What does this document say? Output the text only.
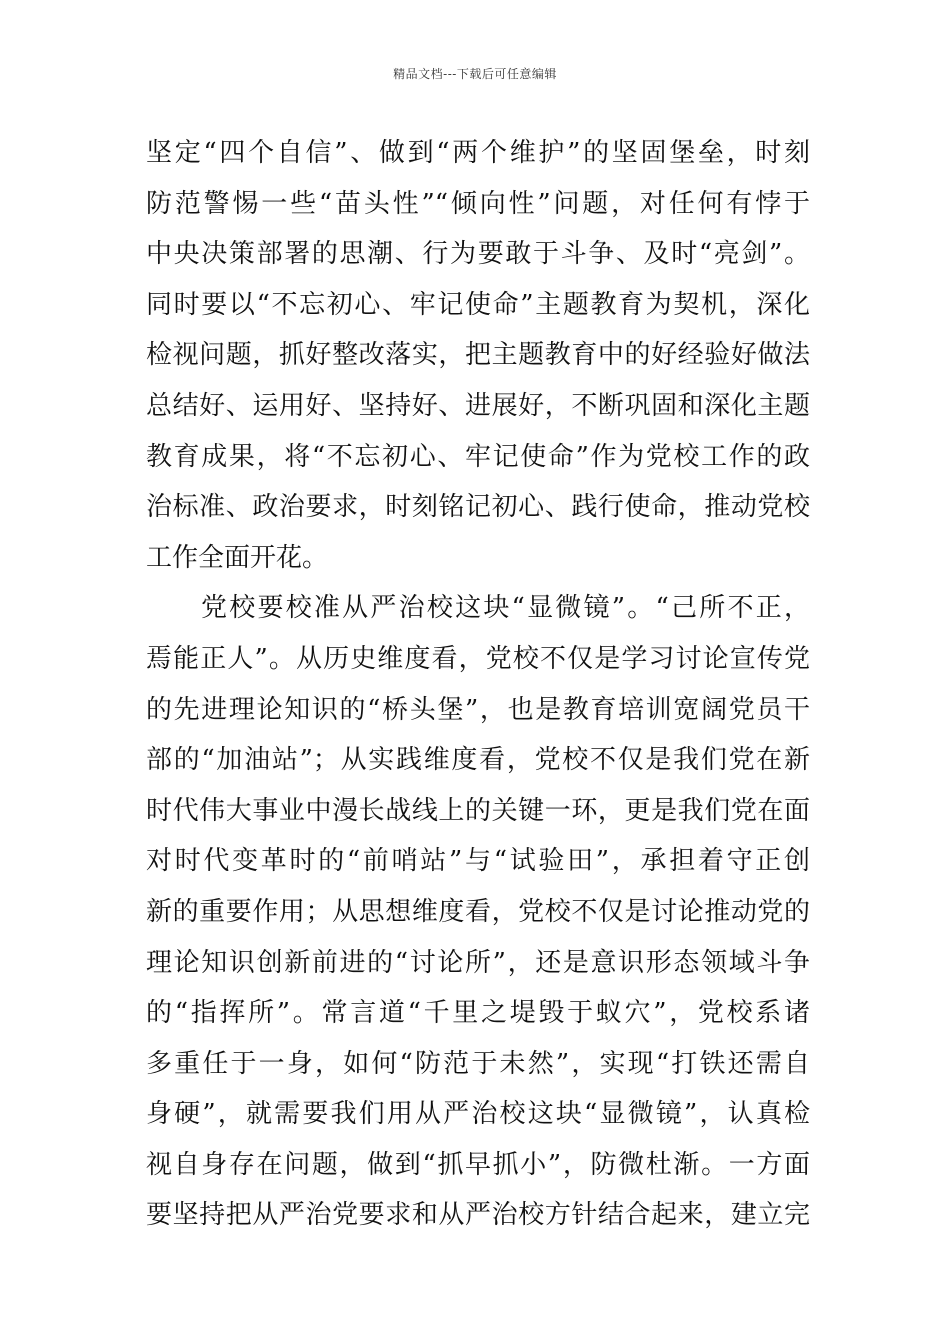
精品文档---下载后可任意编辑
坚定“四个自信”、做到“两个维护”的坚固堡垒，时刻
防范警惕一些“苗头性”“倾向性”问题，对任何有悖于
中央决策部署的思潮、行为要敢于斗争、及时“亮剑”。
同时要以“不忘初心、牢记使命”主题教育为契机，深化
检视问题，抓好整改落实，把主题教育中的好经验好做法
总结好、运用好、坚持好、进展好，不断巩固和深化主题
教育成果，将“不忘初心、牢记使命”作为党校工作的政
治标准、政治要求，时刻铭记初心、践行使命，推动党校
工作全面开花。
党校要校准从严治校这块“显微镜”。“己所不正，
焉能正人”。从历史维度看，党校不仅是学习讨论宣传党
的先进理论知识的“桥头堡”，也是教育培训宽阔党员干
部的“加油站”；从实践维度看，党校不仅是我们党在新
时代伟大事业中漫长战线上的关键一环，更是我们党在面
对时代变革时的“前哨站”与“试验田”，承担着守正创
新的重要作用；从思想维度看，党校不仅是讨论推动党的
理论知识创新前进的“讨论所”，还是意识形态领域斗争
的“指挥所”。常言道“千里之堤毁于蚁穴”，党校系诸
多重任于一身，如何“防范于未然”，实现“打铁还需自
身硬”，就需要我们用从严治校这块“显微镜”，认真检
视自身存在问题，做到“抓早抓小”，防微杜渐。一方面
要坚持把从严治党要求和从严治校方针结合起来，建立完
